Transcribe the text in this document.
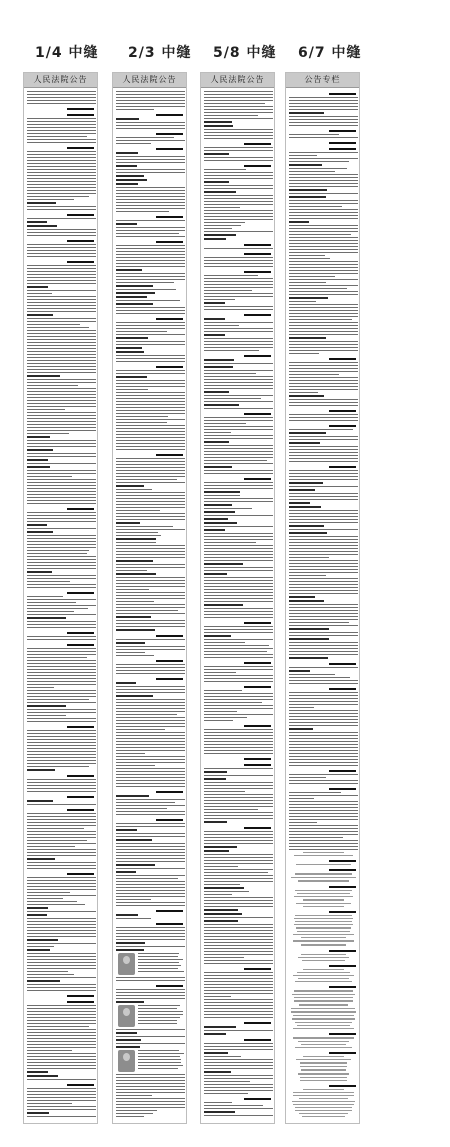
1/4 中缝 2/3 中缝 5/8 中缝 6/7 中缝
人民法院公告	人民法院公告	人民法院公告	公告专栏
